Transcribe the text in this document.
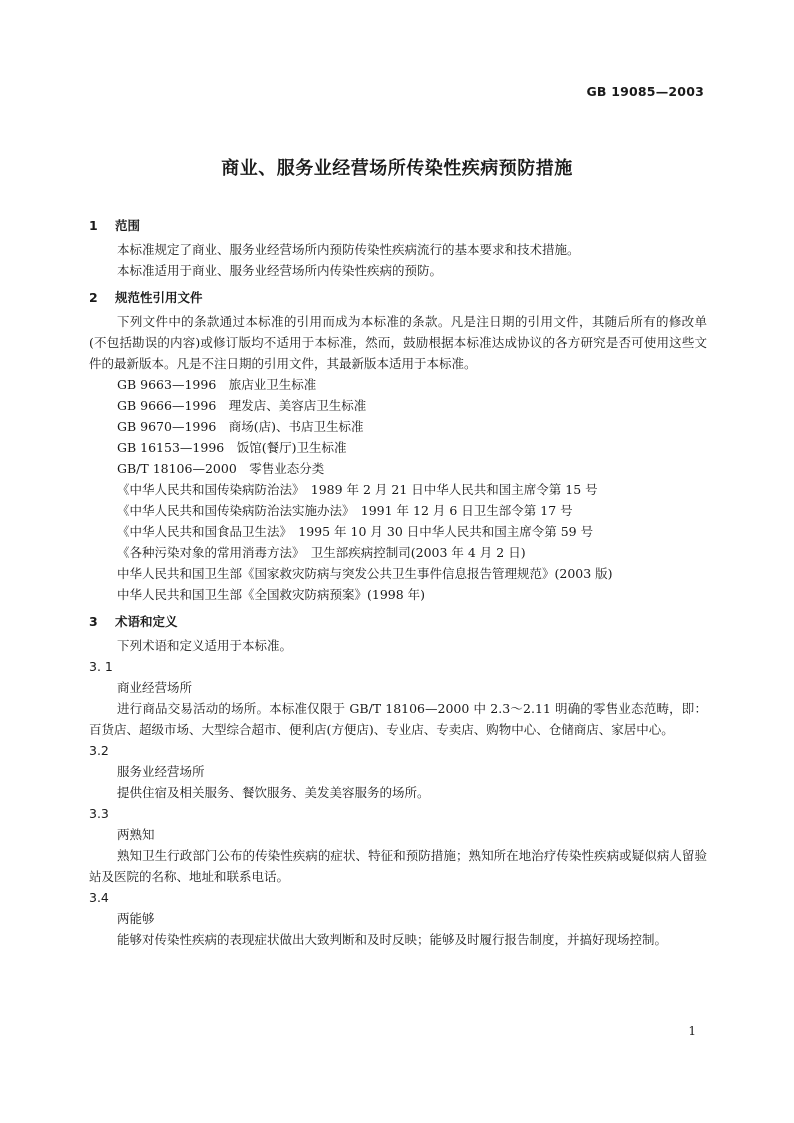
GB 19085—2003
商业、服务业经营场所传染性疾病预防措施
1 范围
本标准规定了商业、服务业经营场所内预防传染性疾病流行的基本要求和技术措施。
本标准适用于商业、服务业经营场所内传染性疾病的预防。
2 规范性引用文件
下列文件中的条款通过本标准的引用而成为本标准的条款。凡是注日期的引用文件，其随后所有的修改单(不包括勘误的内容)或修订版均不适用于本标准，然而，鼓励根据本标准达成协议的各方研究是否可使用这些文件的最新版本。凡是不注日期的引用文件，其最新版本适用于本标准。
GB 9663—1996　旅店业卫生标准
GB 9666—1996　理发店、美容店卫生标准
GB 9670—1996　商场(店)、书店卫生标准
GB 16153—1996　饭馆(餐厅)卫生标准
GB/T 18106—2000　零售业态分类
《中华人民共和国传染病防治法》　1989 年 2 月 21 日中华人民共和国主席令第 15 号
《中华人民共和国传染病防治法实施办法》　1991 年 12 月 6 日卫生部令第 17 号
《中华人民共和国食品卫生法》　1995 年 10 月 30 日中华人民共和国主席令第 59 号
《各种污染对象的常用消毒方法》　卫生部疾病控制司(2003 年 4 月 2 日)
中华人民共和国卫生部《国家救灾防病与突发公共卫生事件信息报告管理规范》(2003 版)
中华人民共和国卫生部《全国救灾防病预案》(1998 年)
3 术语和定义
下列术语和定义适用于本标准。
3. 1
商业经营场所
进行商品交易活动的场所。本标准仅限于 GB/T 18106—2000 中 2.3～2.11 明确的零售业态范畴，即：百货店、超级市场、大型综合超市、便利店(方便店)、专业店、专卖店、购物中心、仓储商店、家居中心。
3.2
服务业经营场所
提供住宿及相关服务、餐饮服务、美发美容服务的场所。
3.3
两熟知
熟知卫生行政部门公布的传染性疾病的症状、特征和预防措施；熟知所在地治疗传染性疾病或疑似病人留验站及医院的名称、地址和联系电话。
3.4
两能够
能够对传染性疾病的表现症状做出大致判断和及时反映；能够及时履行报告制度，并搞好现场控制。
1
